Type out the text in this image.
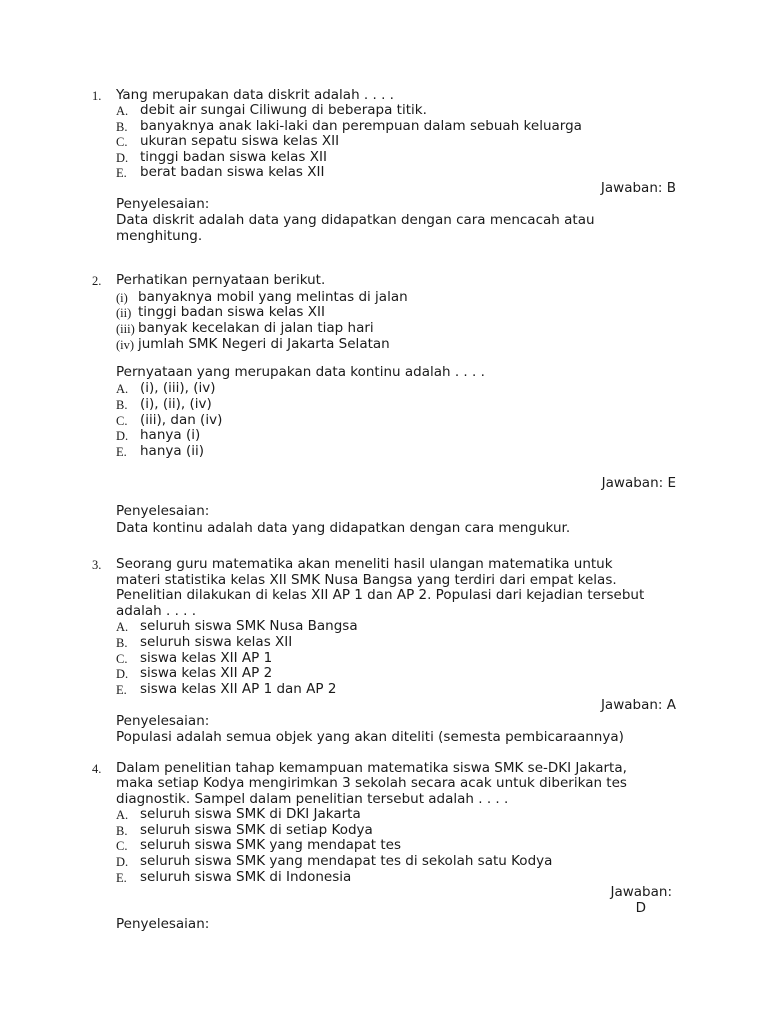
1.	Yang merupakan data diskrit adalah . . . .
A. debit air sungai Ciliwung di beberapa titik.
B. banyaknya anak laki-laki dan perempuan dalam sebuah keluarga
C. ukuran sepatu siswa kelas XII
D. tinggi badan siswa kelas XII
E. berat badan siswa kelas XII
Jawaban: B
Penyelesaian:
Data diskrit adalah data yang didapatkan dengan cara mencacah atau
menghitung.
2.	Perhatikan pernyataan berikut.
(i) banyaknya mobil yang melintas di jalan
(ii) tinggi badan siswa kelas XII
(iii) banyak kecelakan di jalan tiap hari
(iv) jumlah SMK Negeri di Jakarta Selatan
Pernyataan yang merupakan data kontinu adalah . . . .
A. (i), (iii), (iv)
B. (i), (ii), (iv)
C. (iii), dan (iv)
D. hanya (i)
E. hanya (ii)
Jawaban: E
Penyelesaian:
Data kontinu adalah data yang didapatkan dengan cara mengukur.
3.	Seorang guru matematika akan meneliti hasil ulangan matematika untuk
materi statistika kelas XII SMK Nusa Bangsa yang terdiri dari empat kelas.
Penelitian dilakukan di kelas XII AP 1 dan AP 2. Populasi dari kejadian tersebut
adalah . . . .
A. seluruh siswa SMK Nusa Bangsa
B. seluruh siswa kelas XII
C. siswa kelas XII AP 1
D. siswa kelas XII AP 2
E. siswa kelas XII AP 1 dan AP 2
Jawaban: A
Penyelesaian:
Populasi adalah semua objek yang akan diteliti (semesta pembicaraannya)
4.	Dalam penelitian tahap kemampuan matematika siswa SMK se-DKI Jakarta,
maka setiap Kodya mengirimkan 3 sekolah secara acak untuk diberikan tes
diagnostik. Sampel dalam penelitian tersebut adalah . . . .
A. seluruh siswa SMK di DKI Jakarta
B. seluruh siswa SMK di setiap Kodya
C. seluruh siswa SMK yang mendapat tes
D. seluruh siswa SMK yang mendapat tes di sekolah satu Kodya
E. seluruh siswa SMK di Indonesia
Jawaban:
D
Penyelesaian:
